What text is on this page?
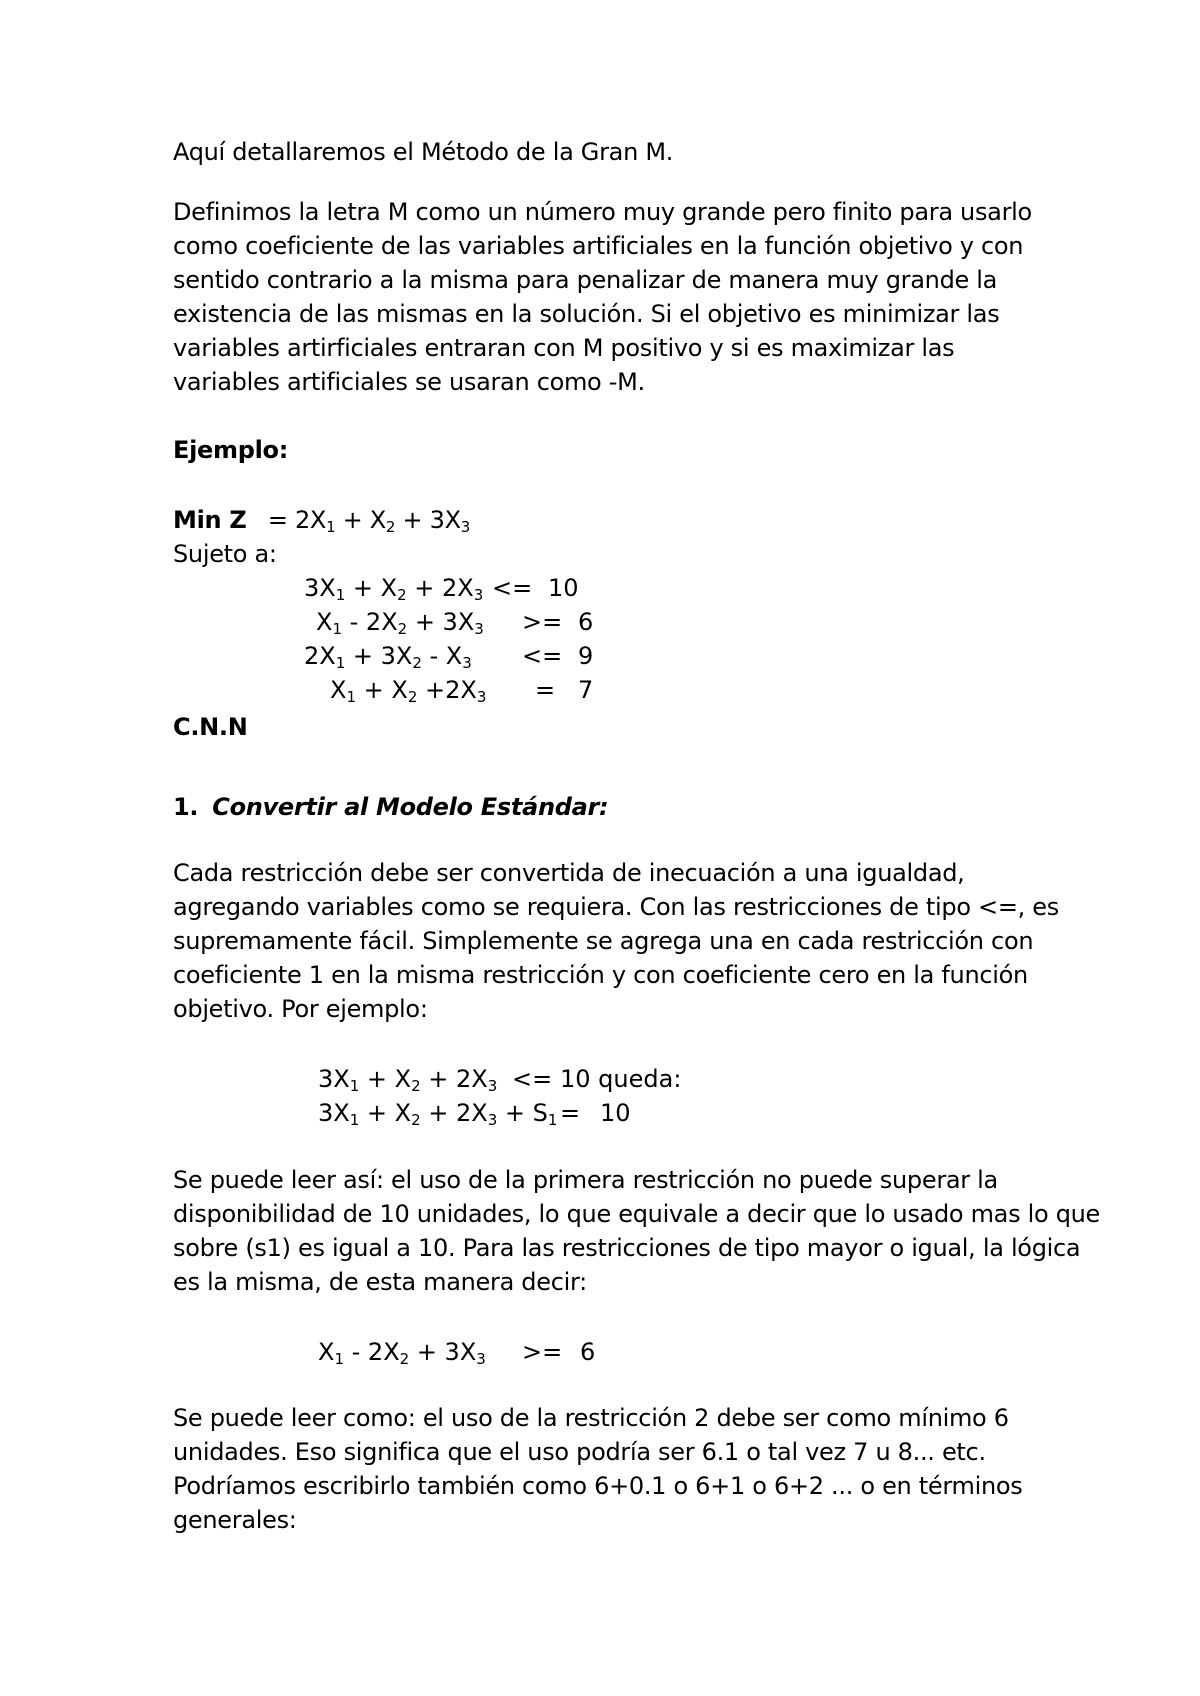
Aquí detallaremos el Método de la Gran M.
Definimos la letra M como un número muy grande pero finito para usarlo
como coeficiente de las variables artificiales en la función objetivo y con
sentido contrario a la misma para penalizar de manera muy grande la
existencia de las mismas en la solución. Si el objetivo es minimizar las
variables artirficiales entraran con M positivo y si es maximizar las
variables artificiales se usaran como -M.
Ejemplo:
Min $Z = 2X_1 + X_2 + 3X_3$
Sujeto a:
$3X_1 + X_2 + 2X_3 <= 10$
$X_1 - 2X_2 + 3X_3 >= 6$
$2X_1 + 3X_2 - X_3 <= 9$
$X_1 + X_2 +2X_3 = 7$
C.N.N
1. Convertir al Modelo Estándar:
Cada restricción debe ser convertida de inecuación a una igualdad,
agregando variables como se requiera. Con las restricciones de tipo <=, es
supremamente fácil. Simplemente se agrega una en cada restricción con
coeficiente 1 en la misma restricción y con coeficiente cero en la función
objetivo. Por ejemplo:
$3X_1 + X_2 + 2X_3 <= 10$ queda:
$3X_1 + X_2 + 2X_3 + S_1 = 10$
Se puede leer así: el uso de la primera restricción no puede superar la
disponibilidad de 10 unidades, lo que equivale a decir que lo usado mas lo que
sobre (s1) es igual a 10. Para las restricciones de tipo mayor o igual, la lógica
es la misma, de esta manera decir:
$X_1 - 2X_2 + 3X_3 >= 6$
Se puede leer como: el uso de la restricción 2 debe ser como mínimo 6
unidades. Eso significa que el uso podría ser 6.1 o tal vez 7 u 8... etc.
Podríamos escribirlo también como 6+0.1 o 6+1 o 6+2 ... o en términos
generales:
